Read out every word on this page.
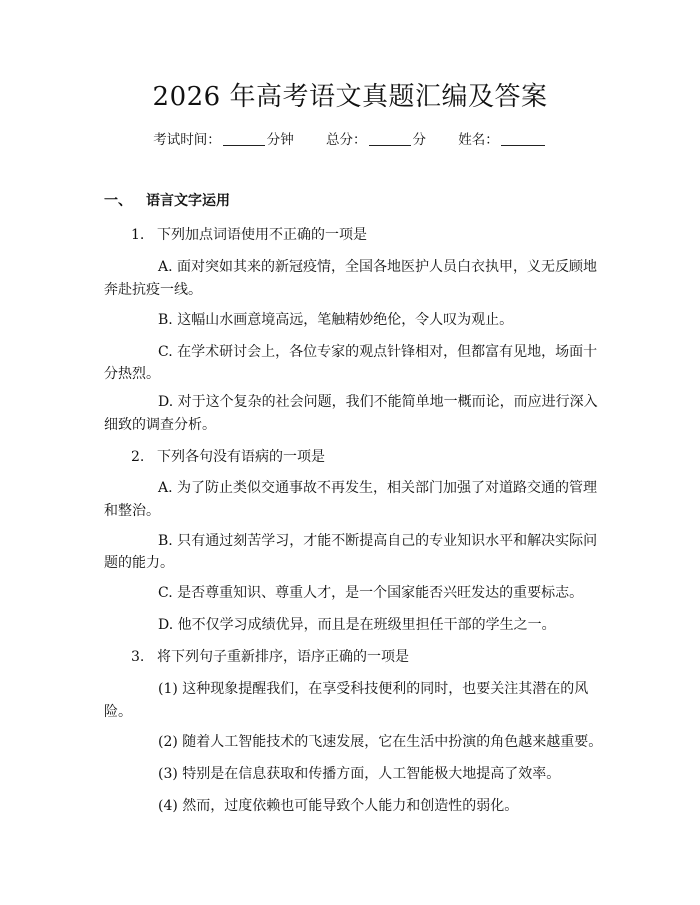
2026 年高考语文真题汇编及答案
考试时间：	分钟 总分：	分 姓名：
一、 语言文字运用
1. 下列加点词语使用不正确的一项是
A. 面对突如其来的新冠疫情，全国各地医护人员白衣执甲，义无反顾地
奔赴抗疫一线。
B. 这幅山水画意境高远，笔触精妙绝伦，令人叹为观止。
C. 在学术研讨会上，各位专家的观点针锋相对，但都富有见地，场面十
分热烈。
D. 对于这个复杂的社会问题，我们不能简单地一概而论，而应进行深入
细致的调查分析。
2. 下列各句没有语病的一项是
A. 为了防止类似交通事故不再发生，相关部门加强了对道路交通的管理
和整治。
B. 只有通过刻苦学习，才能不断提高自己的专业知识水平和解决实际问
题的能力。
C. 是否尊重知识、尊重人才，是一个国家能否兴旺发达的重要标志。
D. 他不仅学习成绩优异，而且是在班级里担任干部的学生之一。
3. 将下列句子重新排序，语序正确的一项是
(1) 这种现象提醒我们，在享受科技便利的同时，也要关注其潜在的风
险。
(2) 随着人工智能技术的飞速发展，它在生活中扮演的角色越来越重要。
(3) 特别是在信息获取和传播方面，人工智能极大地提高了效率。
(4) 然而，过度依赖也可能导致个人能力和创造性的弱化。
